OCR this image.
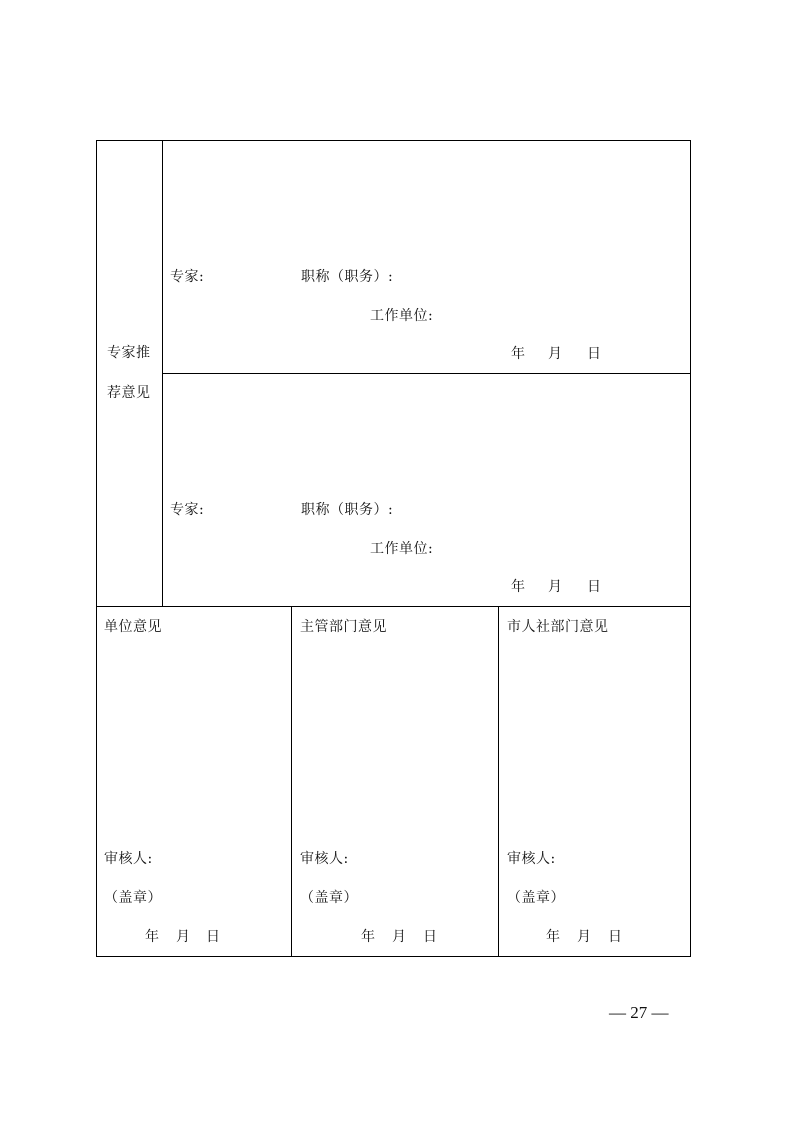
专家推
荐意见
专家:	职称（职务）:
工作单位:
年 月 日
专家:	职称（职务）:
工作单位:
年 月 日
单位意见
审核人:
（盖章）
年 月 日
主管部门意见
审核人:
（盖章）
年 月 日
市人社部门意见
审核人:
（盖章）
年 月 日
— 27 —
